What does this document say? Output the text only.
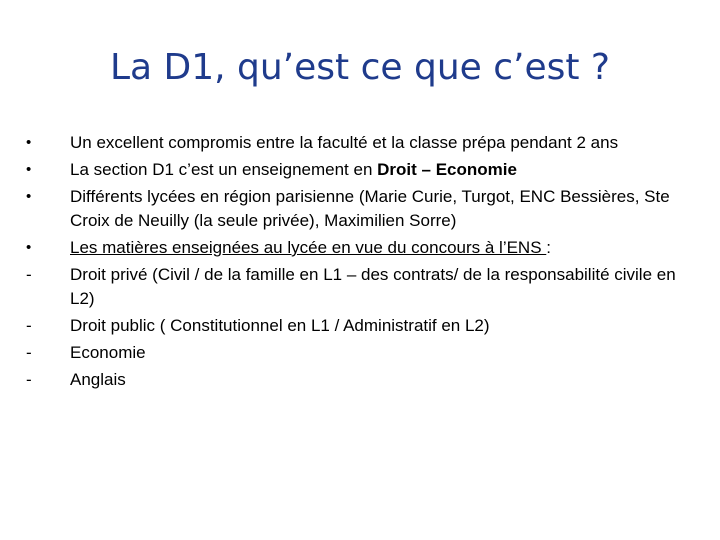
La D1, qu’est ce que c’est ?
•	Un excellent compromis entre la faculté et la classe prépa pendant 2 ans
•	La section D1 c’est un enseignement en Droit – Economie
•	Différents lycées en région parisienne (Marie Curie, Turgot, ENC Bessières, Ste Croix de Neuilly (la seule privée), Maximilien Sorre)
•	Les matières enseignées au lycée en vue du concours à l’ENS :
-	Droit privé (Civil / de la famille en L1 – des contrats/ de la responsabilité civile en L2)
-	Droit public ( Constitutionnel en L1 / Administratif en L2)
-	Economie
-	Anglais
